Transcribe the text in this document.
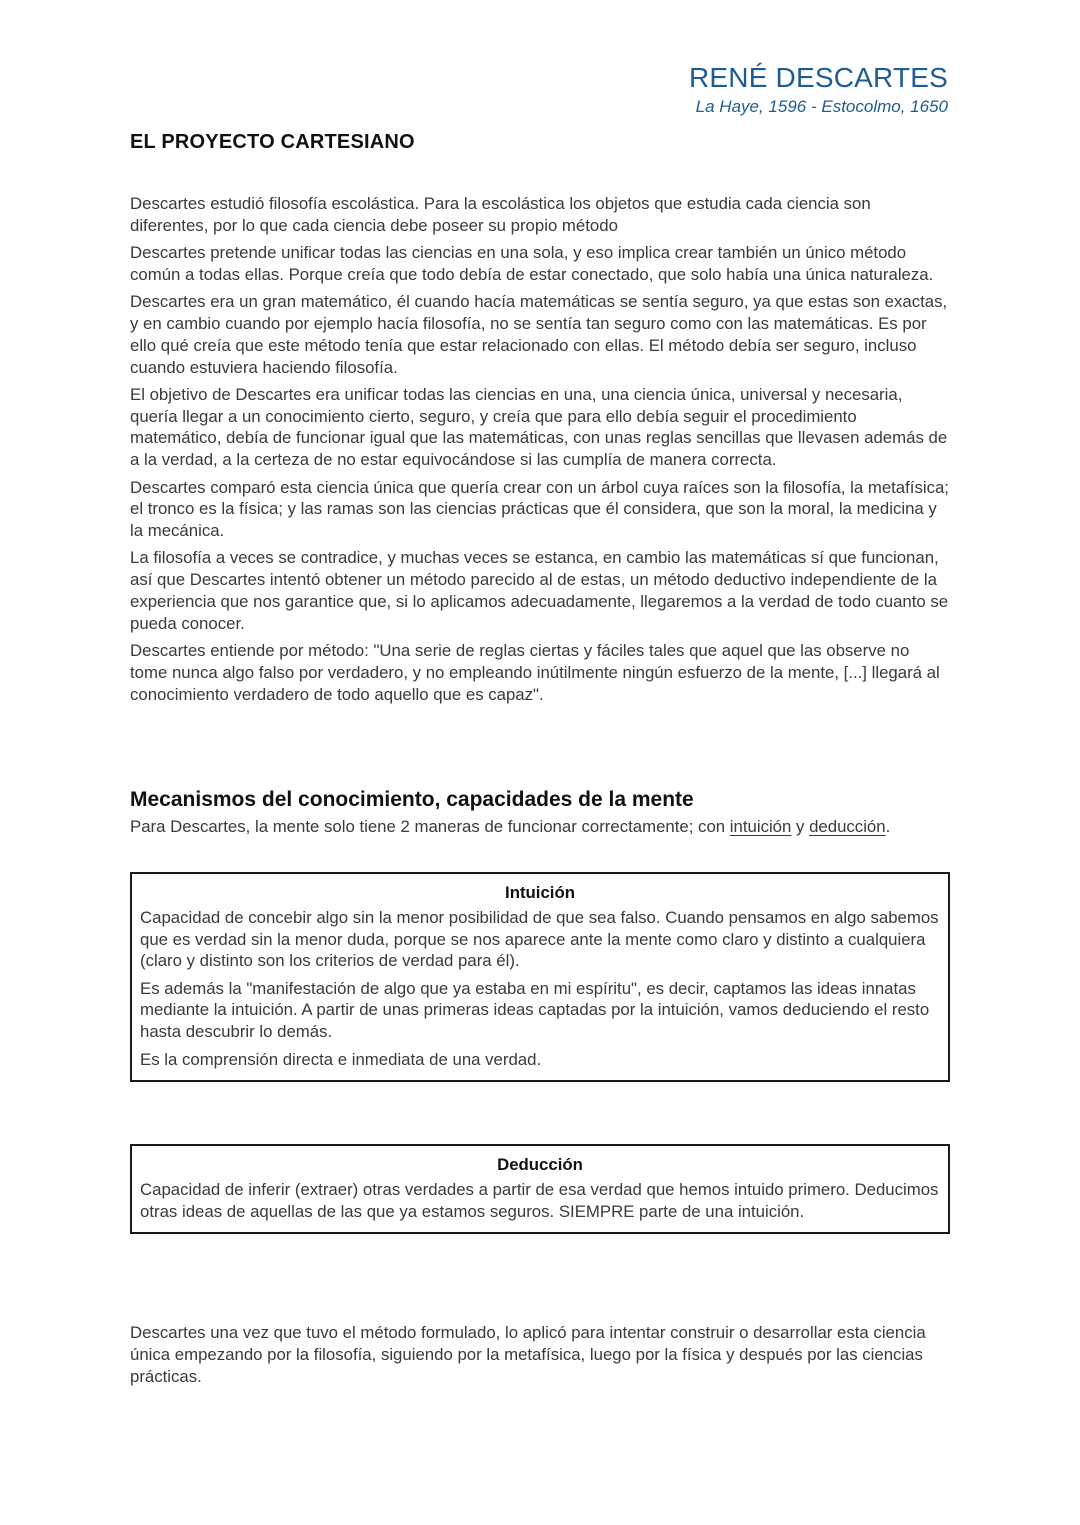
RENÉ DESCARTES
La Haye, 1596 - Estocolmo, 1650
EL PROYECTO CARTESIANO

Descartes estudió filosofía escolástica. Para la escolástica los objetos que estudia cada ciencia son diferentes, por lo que cada ciencia debe poseer su propio método

Descartes pretende unificar todas las ciencias en una sola, y eso implica crear también un único método común a todas ellas. Porque creía que todo debía de estar conectado, que solo había una única naturaleza.

Descartes era un gran matemático, él cuando hacía matemáticas se sentía seguro, ya que estas son exactas, y en cambio cuando por ejemplo hacía filosofía, no se sentía tan seguro como con las matemáticas. Es por ello qué creía que este método tenía que estar relacionado con ellas. El método debía ser seguro, incluso cuando estuviera haciendo filosofía.

El objetivo de Descartes era unificar todas las ciencias en una, una ciencia única, universal y necesaria, quería llegar a un conocimiento cierto, seguro, y creía que para ello debía seguir el procedimiento matemático, debía de funcionar igual que las matemáticas, con unas reglas sencillas que llevasen además de a la verdad, a la certeza de no estar equivocándose si las cumplía de manera correcta.

Descartes comparó esta ciencia única que quería crear con un árbol cuya raíces son la filosofía, la metafísica; el tronco es la física; y las ramas son las ciencias prácticas que él considera, que son la moral, la medicina y la mecánica.

La filosofía a veces se contradice, y muchas veces se estanca, en cambio las matemáticas sí que funcionan, así que Descartes intentó obtener un método parecido al de estas, un método deductivo independiente de la experiencia que nos garantice que, si lo aplicamos adecuadamente, llegaremos a la verdad de todo cuanto se pueda conocer.

Descartes entiende por método: "Una serie de reglas ciertas y fáciles tales que aquel que las observe no tome nunca algo falso por verdadero, y no empleando inútilmente ningún esfuerzo de la mente, [...] llegará al conocimiento verdadero de todo aquello que es capaz".

Mecanismos del conocimiento, capacidades de la mente

Para Descartes, la mente solo tiene 2 maneras de funcionar correctamente; con intuición y deducción.

Intuición

Capacidad de concebir algo sin la menor posibilidad de que sea falso. Cuando pensamos en algo sabemos que es verdad sin la menor duda, porque se nos aparece ante la mente como claro y distinto a cualquiera (claro y distinto son los criterios de verdad para él).

Es además la "manifestación de algo que ya estaba en mi espíritu", es decir, captamos las ideas innatas mediante la intuición. A partir de unas primeras ideas captadas por la intuición, vamos deduciendo el resto hasta descubrir lo demás.

Es la comprensión directa e inmediata de una verdad.

Deducción

Capacidad de inferir (extraer) otras verdades a partir de esa verdad que hemos intuido primero. Deducimos otras ideas de aquellas de las que ya estamos seguros. SIEMPRE parte de una intuición.

Descartes una vez que tuvo el método formulado, lo aplicó para intentar construir o desarrollar esta ciencia única empezando por la filosofía, siguiendo por la metafísica, luego por la física y después por las ciencias prácticas.
